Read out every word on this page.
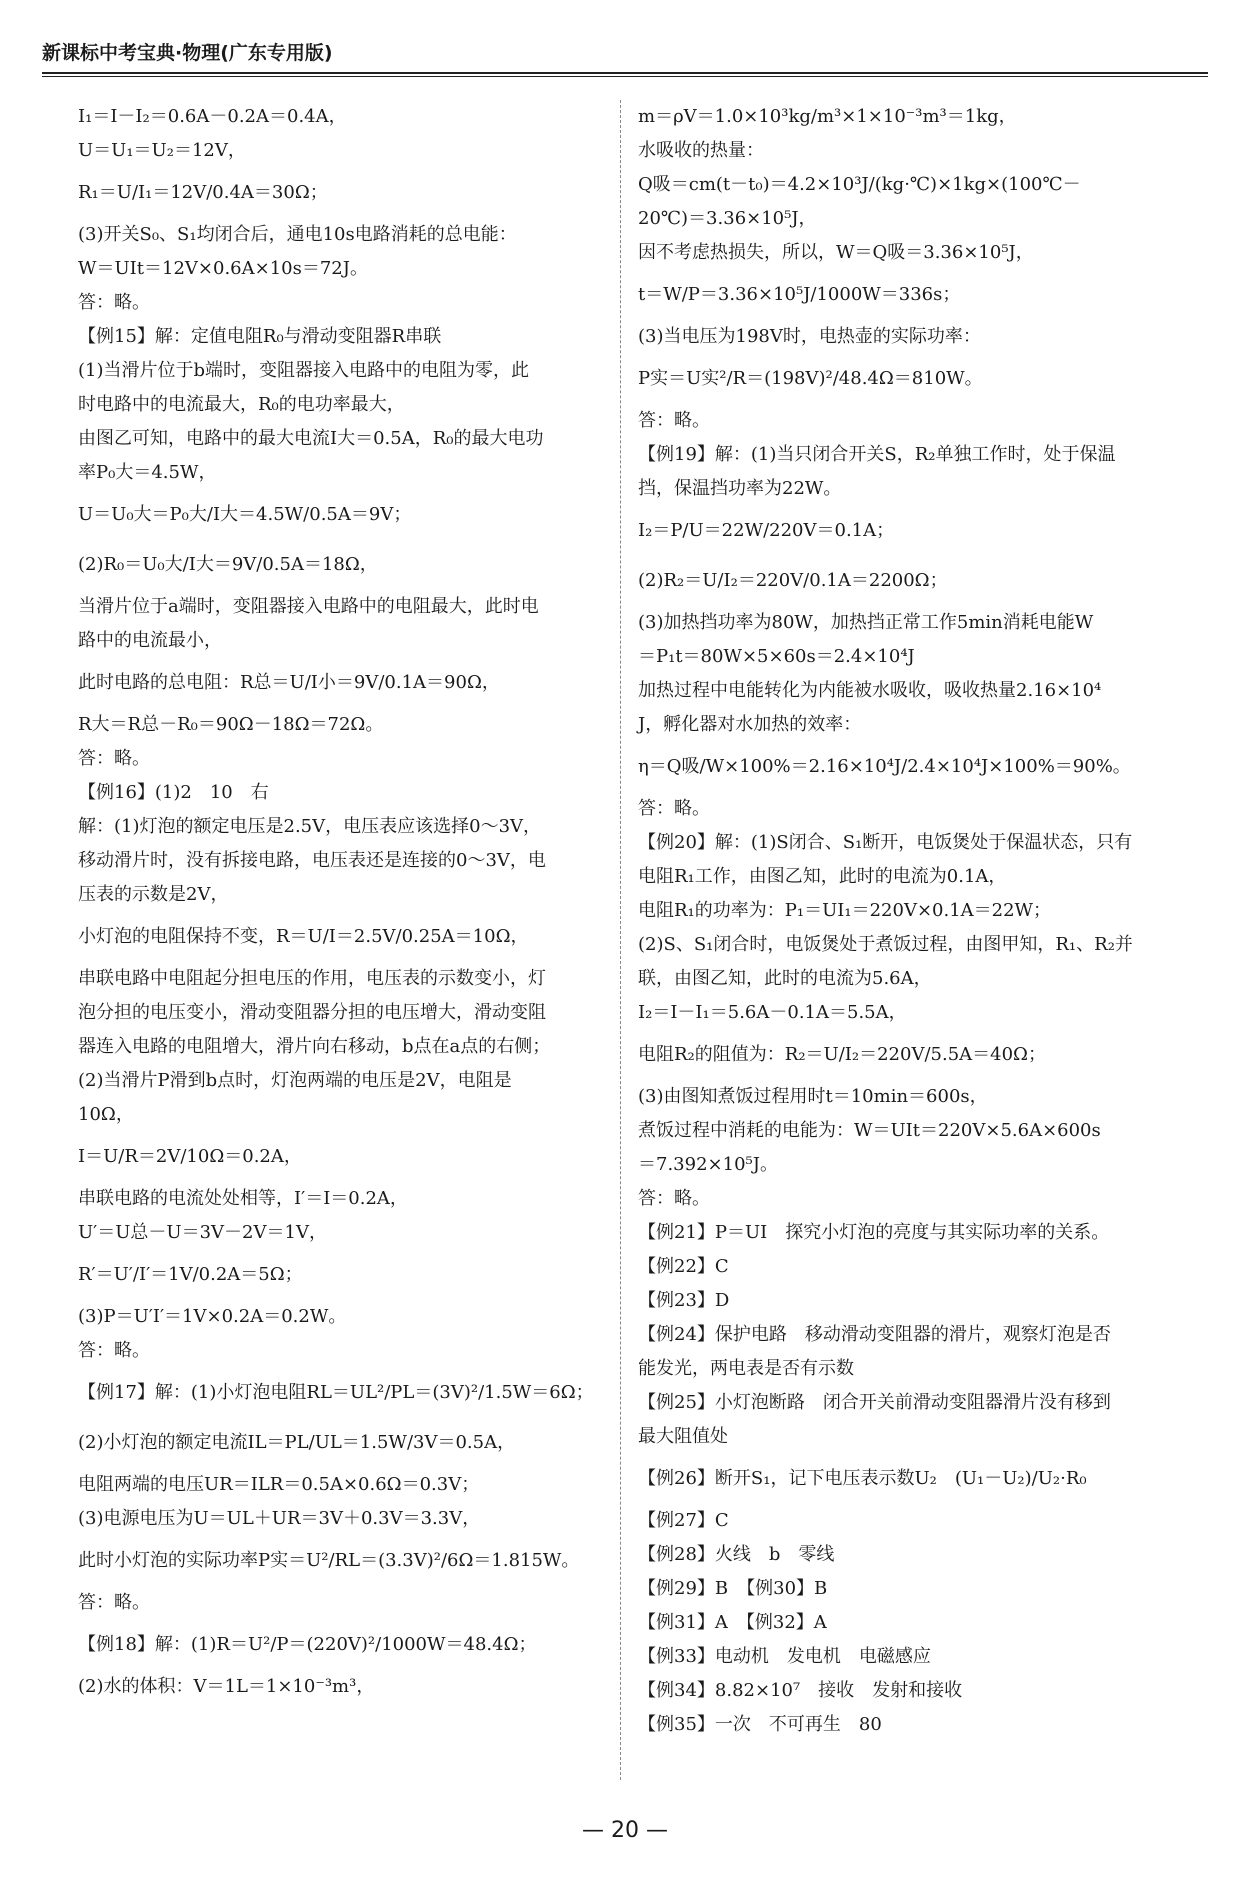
新课标中考宝典·物理(广东专用版)
I₁＝I－I₂＝0.6A－0.2A＝0.4A，
U＝U₁＝U₂＝12V，
R₁＝U/I₁＝12V/0.4A＝30Ω；
(3)开关S₀、S₁均闭合后，通电10s电路消耗的总电能：
W＝UIt＝12V×0.6A×10s＝72J。
答：略。
【例15】解：定值电阻R₀与滑动变阻器R串联
(1)当滑片位于b端时，变阻器接入电路中的电阻为零，此
时电路中的电流最大，R₀的电功率最大，
由图乙可知，电路中的最大电流I大＝0.5A，R₀的最大电功
率P₀大＝4.5W，
U＝U₀大＝P₀大/I大＝4.5W/0.5A＝9V；
(2)R₀＝U₀大/I大＝9V/0.5A＝18Ω，
当滑片位于a端时，变阻器接入电路中的电阻最大，此时电
路中的电流最小，
此时电路的总电阻：R总＝U/I小＝9V/0.1A＝90Ω，
R大＝R总－R₀＝90Ω－18Ω＝72Ω。
答：略。
【例16】(1)2　10　右
解：(1)灯泡的额定电压是2.5V，电压表应该选择0～3V，
移动滑片时，没有拆接电路，电压表还是连接的0～3V，电
压表的示数是2V，
小灯泡的电阻保持不变，R＝U/I＝2.5V/0.25A＝10Ω，
串联电路中电阻起分担电压的作用，电压表的示数变小，灯
泡分担的电压变小，滑动变阻器分担的电压增大，滑动变阻
器连入电路的电阻增大，滑片向右移动，b点在a点的右侧；
(2)当滑片P滑到b点时，灯泡两端的电压是2V，电阻是
10Ω，
I＝U/R＝2V/10Ω＝0.2A，
串联电路的电流处处相等，I′＝I＝0.2A，
U′＝U总－U＝3V－2V＝1V，
R′＝U′/I′＝1V/0.2A＝5Ω；
(3)P＝U′I′＝1V×0.2A＝0.2W。
答：略。
【例17】解：(1)小灯泡电阻RL＝UL²/PL＝(3V)²/1.5W＝6Ω；
(2)小灯泡的额定电流IL＝PL/UL＝1.5W/3V＝0.5A，
电阻两端的电压UR＝ILR＝0.5A×0.6Ω＝0.3V；
(3)电源电压为U＝UL＋UR＝3V＋0.3V＝3.3V，
此时小灯泡的实际功率P实＝U²/RL＝(3.3V)²/6Ω＝1.815W。
答：略。
【例18】解：(1)R＝U²/P＝(220V)²/1000W＝48.4Ω；
(2)水的体积：V＝1L＝1×10⁻³m³，
m＝ρV＝1.0×10³kg/m³×1×10⁻³m³＝1kg，
水吸收的热量：
Q吸＝cm(t－t₀)＝4.2×10³J/(kg·℃)×1kg×(100℃－
20℃)＝3.36×10⁵J，
因不考虑热损失，所以，W＝Q吸＝3.36×10⁵J，
t＝W/P＝3.36×10⁵J/1000W＝336s；
(3)当电压为198V时，电热壶的实际功率：
P实＝U实²/R＝(198V)²/48.4Ω＝810W。
答：略。
【例19】解：(1)当只闭合开关S，R₂单独工作时，处于保温
挡，保温挡功率为22W。
I₂＝P/U＝22W/220V＝0.1A；
(2)R₂＝U/I₂＝220V/0.1A＝2200Ω；
(3)加热挡功率为80W，加热挡正常工作5min消耗电能W
＝P₁t＝80W×5×60s＝2.4×10⁴J
加热过程中电能转化为内能被水吸收，吸收热量2.16×10⁴
J，孵化器对水加热的效率：
η＝Q吸/W×100%＝2.16×10⁴J/2.4×10⁴J×100%＝90%。
答：略。
【例20】解：(1)S闭合、S₁断开，电饭煲处于保温状态，只有
电阻R₁工作，由图乙知，此时的电流为0.1A，
电阻R₁的功率为：P₁＝UI₁＝220V×0.1A＝22W；
(2)S、S₁闭合时，电饭煲处于煮饭过程，由图甲知，R₁、R₂并
联，由图乙知，此时的电流为5.6A，
I₂＝I－I₁＝5.6A－0.1A＝5.5A，
电阻R₂的阻值为：R₂＝U/I₂＝220V/5.5A＝40Ω；
(3)由图知煮饭过程用时t＝10min＝600s，
煮饭过程中消耗的电能为：W＝UIt＝220V×5.6A×600s
＝7.392×10⁵J。
答：略。
【例21】P＝UI　探究小灯泡的亮度与其实际功率的关系。
【例22】C
【例23】D
【例24】保护电路　移动滑动变阻器的滑片，观察灯泡是否
能发光，两电表是否有示数
【例25】小灯泡断路　闭合开关前滑动变阻器滑片没有移到
最大阻值处
【例26】断开S₁，记下电压表示数U₂　(U₁－U₂)/U₂·R₀
【例27】C
【例28】火线　b　零线
【例29】B　【例30】B
【例31】A　【例32】A
【例33】电动机　发电机　电磁感应
【例34】8.82×10⁷　接收　发射和接收
【例35】一次　不可再生　80
— 20 —
